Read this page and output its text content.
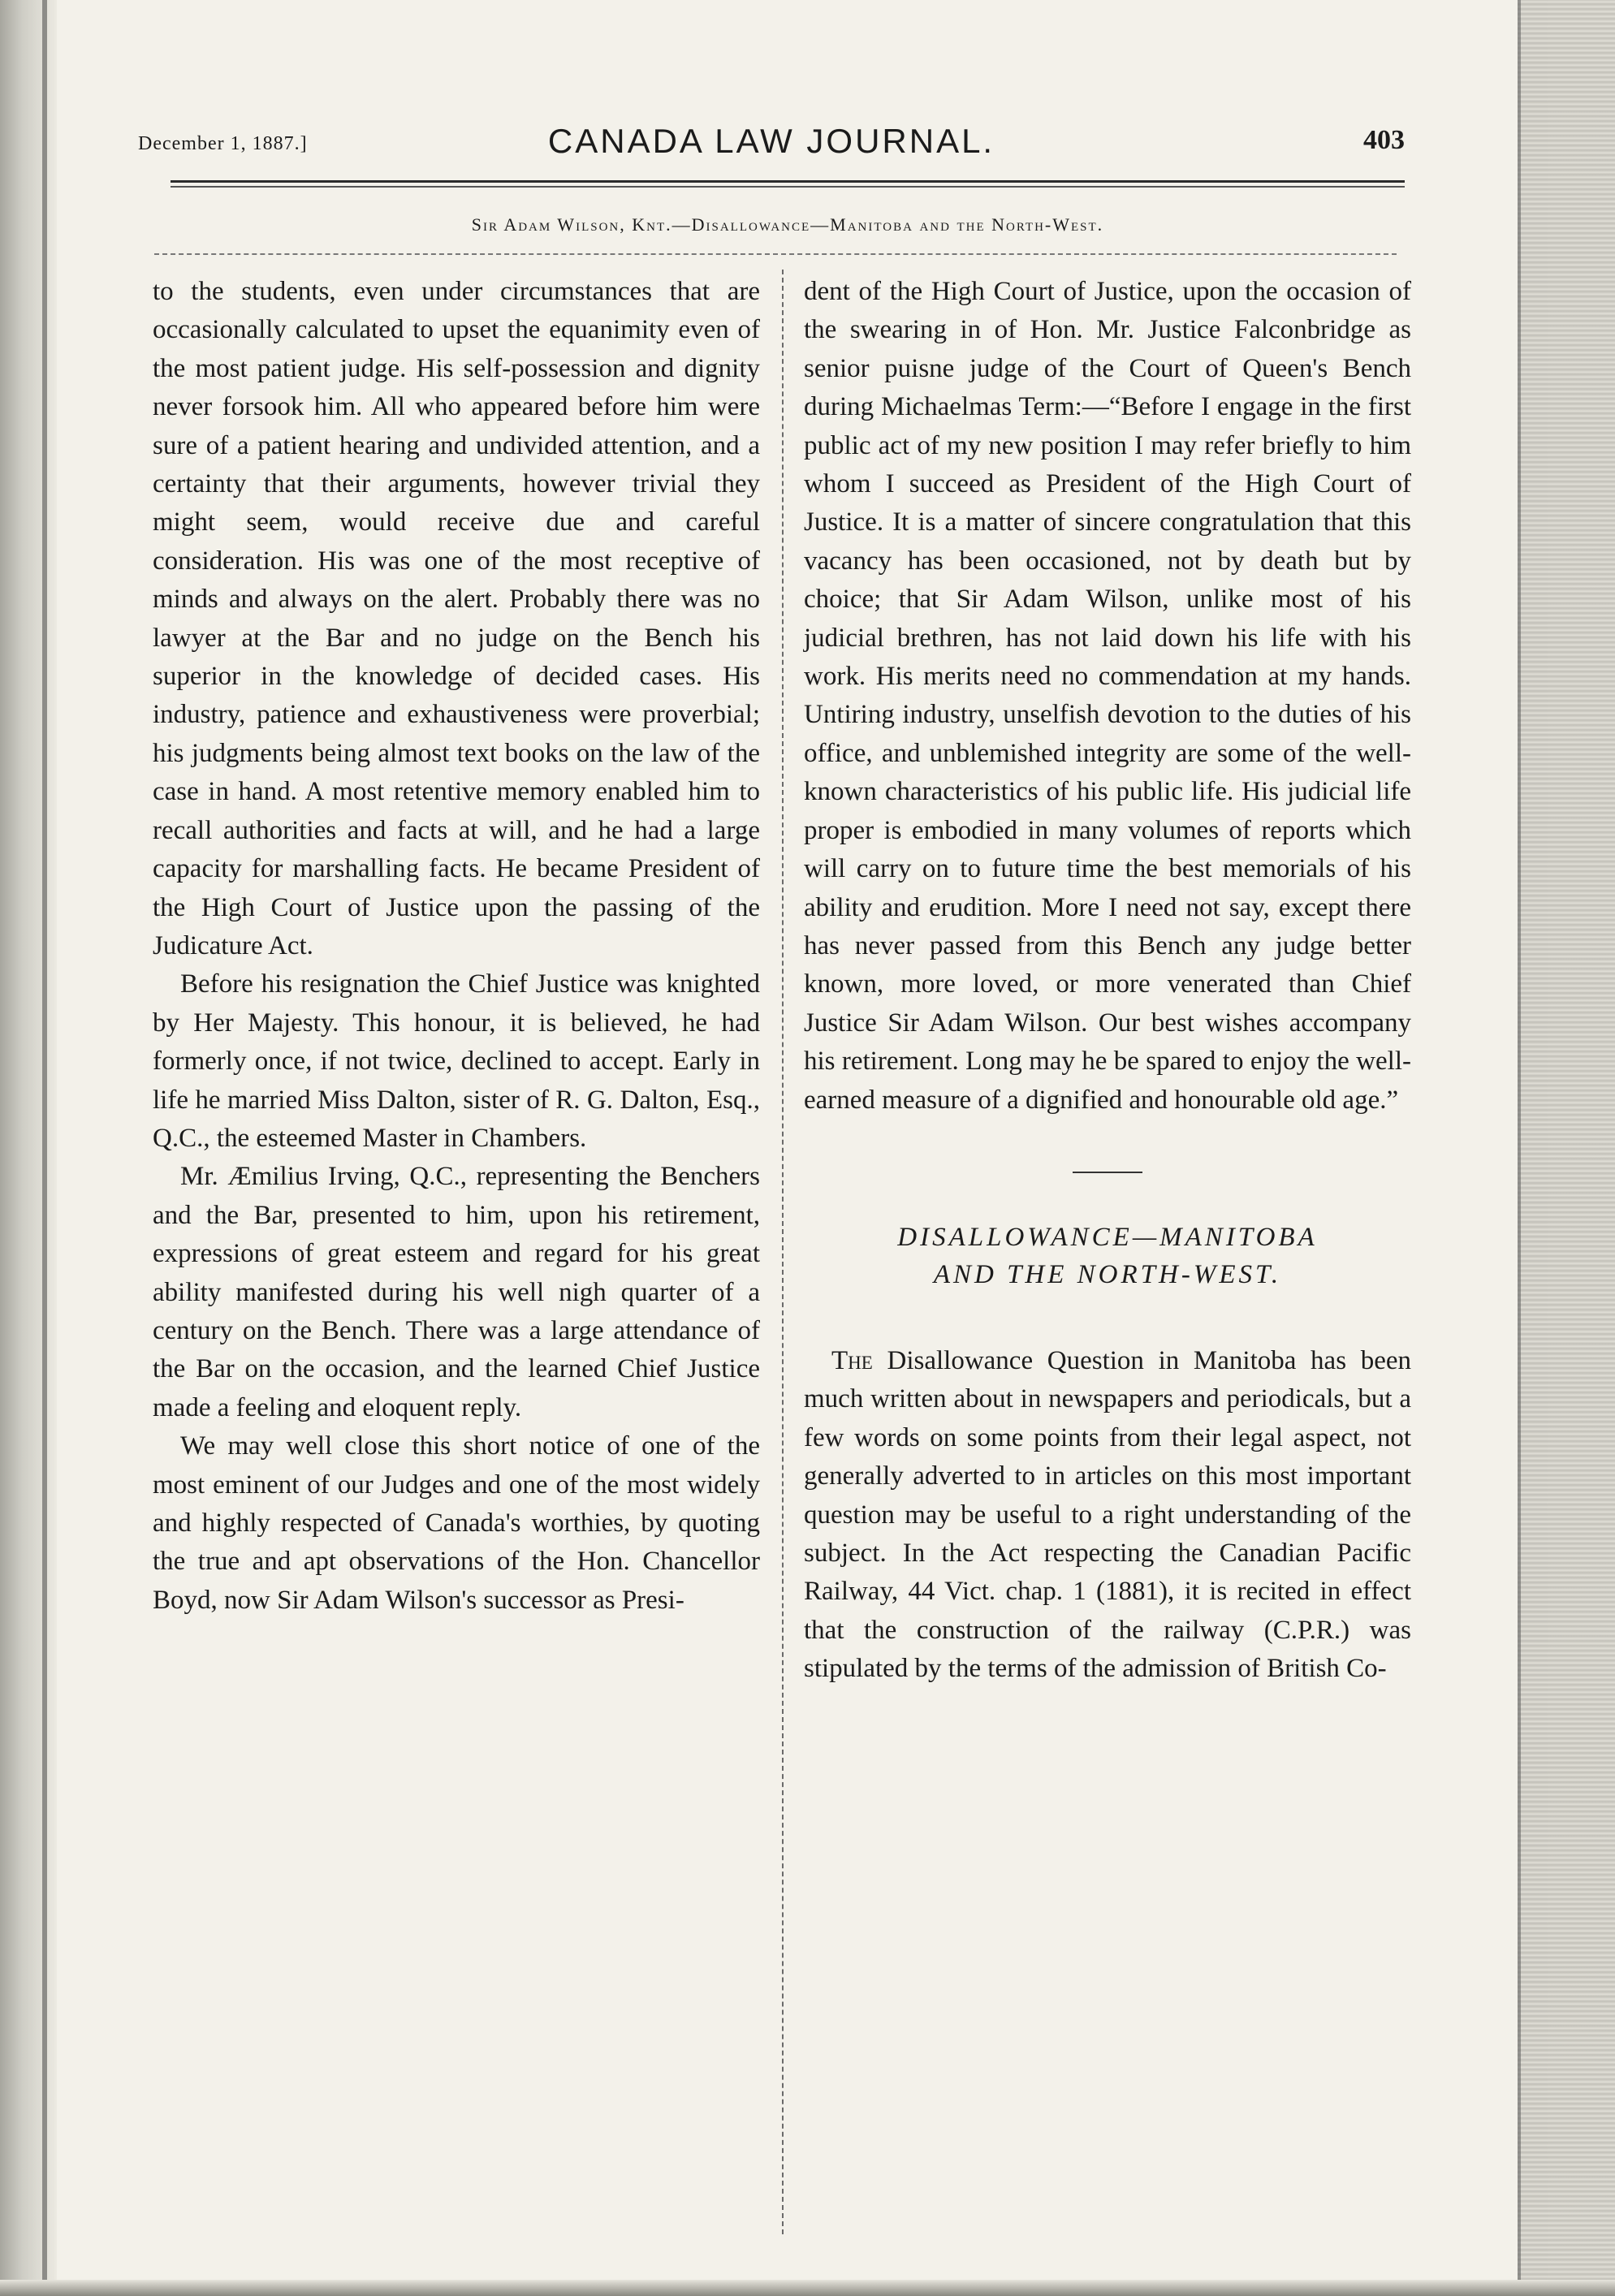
December 1, 1887.]	CANADA LAW JOURNAL.	403
Sir Adam Wilson, Knt.—Disallowance—Manitoba and the North-West.

to the students, even under circumstances that are occasionally calculated to upset the equanimity even of the most patient judge. His self-possession and dignity never forsook him. All who appeared before him were sure of a patient hearing and undivided attention, and a certainty that their arguments, however trivial they might seem, would receive due and careful consideration. His was one of the most receptive of minds and always on the alert. Probably there was no lawyer at the Bar and no judge on the Bench his superior in the knowledge of decided cases. His industry, patience and exhaustiveness were proverbial; his judgments being almost text books on the law of the case in hand. A most retentive memory enabled him to recall authorities and facts at will, and he had a large capacity for marshalling facts. He became President of the High Court of Justice upon the passing of the Judicature Act.

Before his resignation the Chief Justice was knighted by Her Majesty. This honour, it is believed, he had formerly once, if not twice, declined to accept. Early in life he married Miss Dalton, sister of R. G. Dalton, Esq., Q.C., the esteemed Master in Chambers.

Mr. Æmilius Irving, Q.C., representing the Benchers and the Bar, presented to him, upon his retirement, expressions of great esteem and regard for his great ability manifested during his well nigh quarter of a century on the Bench. There was a large attendance of the Bar on the occasion, and the learned Chief Justice made a feeling and eloquent reply.

We may well close this short notice of one of the most eminent of our Judges and one of the most widely and highly respected of Canada's worthies, by quoting the true and apt observations of the Hon. Chancellor Boyd, now Sir Adam Wilson's successor as Presi-

dent of the High Court of Justice, upon the occasion of the swearing in of Hon. Mr. Justice Falconbridge as senior puisne judge of the Court of Queen's Bench during Michaelmas Term:—“Before I engage in the first public act of my new position I may refer briefly to him whom I succeed as President of the High Court of Justice. It is a matter of sincere congratulation that this vacancy has been occasioned, not by death but by choice; that Sir Adam Wilson, unlike most of his judicial brethren, has not laid down his life with his work. His merits need no commendation at my hands. Untiring industry, unselfish devotion to the duties of his office, and unblemished integrity are some of the well-known characteristics of his public life. His judicial life proper is embodied in many volumes of reports which will carry on to future time the best memorials of his ability and erudition. More I need not say, except there has never passed from this Bench any judge better known, more loved, or more venerated than Chief Justice Sir Adam Wilson. Our best wishes accompany his retirement. Long may he be spared to enjoy the well-earned measure of a dignified and honourable old age.”

DISALLOWANCE—MANITOBA
AND THE NORTH-WEST.

The Disallowance Question in Manitoba has been much written about in newspapers and periodicals, but a few words on some points from their legal aspect, not generally adverted to in articles on this most important question may be useful to a right understanding of the subject. In the Act respecting the Canadian Pacific Railway, 44 Vict. chap. 1 (1881), it is recited in effect that the construction of the railway (C.P.R.) was stipulated by the terms of the admission of British Co-
